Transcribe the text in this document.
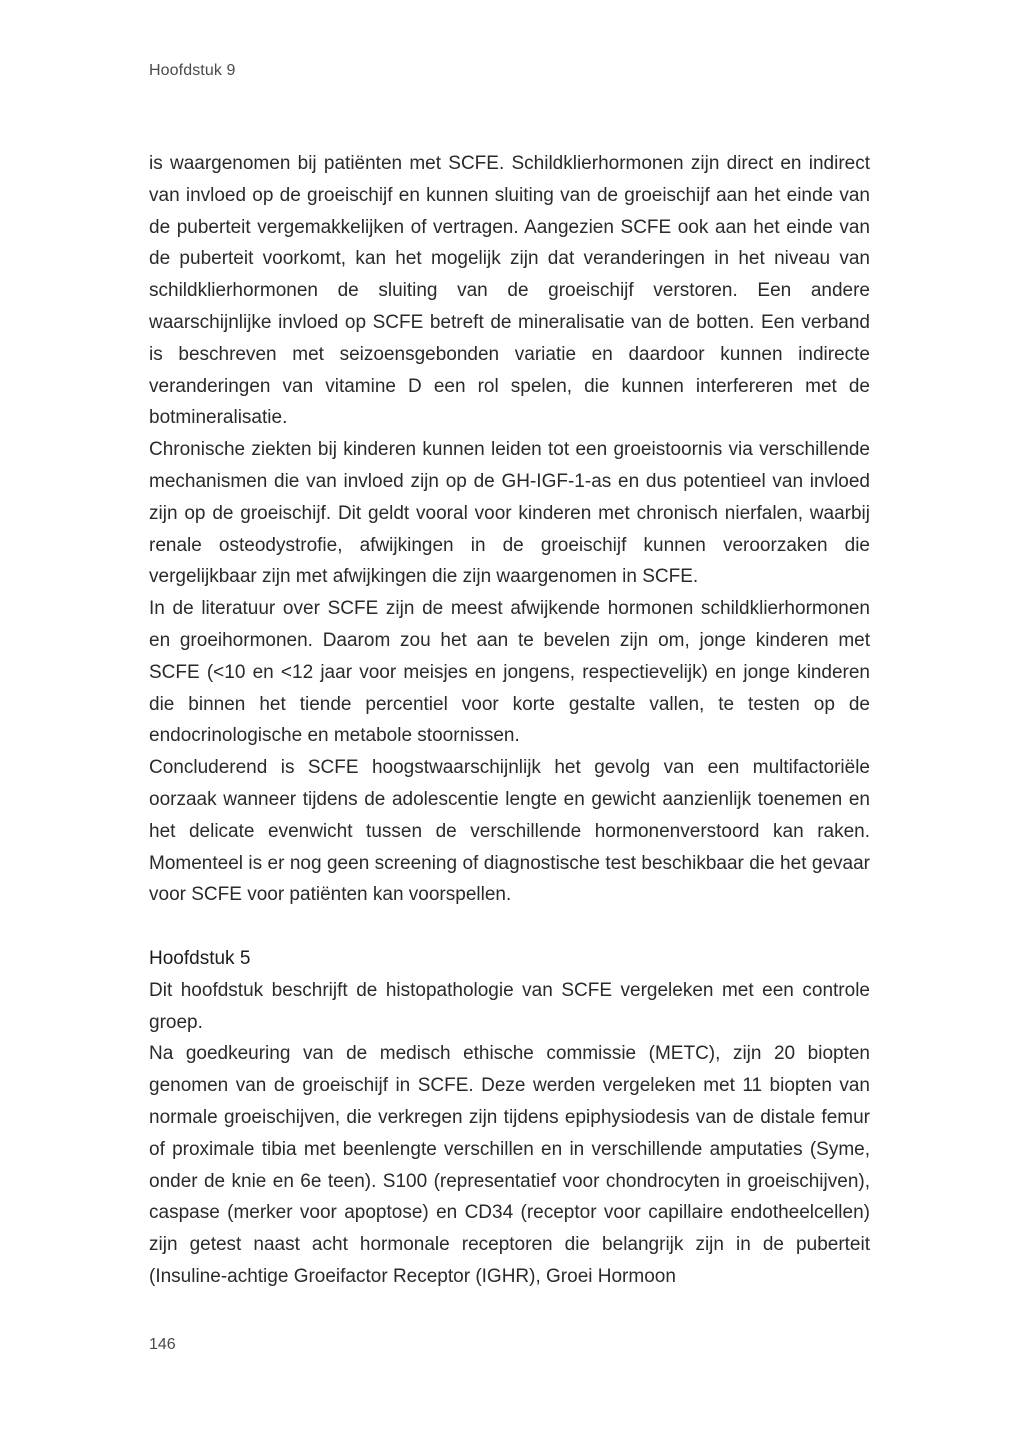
Hoofdstuk 9

is waargenomen bij patiënten met SCFE. Schildklierhormonen zijn direct en indirect van invloed op de groeischijf en kunnen sluiting van de groeischijf aan het einde van de puberteit vergemakkelijken of vertragen. Aangezien SCFE ook aan het einde van de puberteit voorkomt, kan het mogelijk zijn dat veranderingen in het niveau van schildklierhormonen de sluiting van de groeischijf verstoren. Een andere waarschijnlijke invloed op SCFE betreft de mineralisatie van de botten. Een verband is beschreven met seizoensgebonden variatie en daardoor kunnen indirecte veranderingen van vitamine D een rol spelen, die kunnen interfereren met de botmineralisatie.

Chronische ziekten bij kinderen kunnen leiden tot een groeistoornis via verschillende mechanismen die van invloed zijn op de GH-IGF-1-as en dus potentieel van invloed zijn op de groeischijf. Dit geldt vooral voor kinderen met chronisch nierfalen, waarbij renale osteodystrofie, afwijkingen in de groeischijf kunnen veroorzaken die vergelijkbaar zijn met afwijkingen die zijn waargenomen in SCFE.

In de literatuur over SCFE zijn de meest afwijkende hormonen schildklierhormonen en groeihormonen. Daarom zou het aan te bevelen zijn om, jonge kinderen met SCFE (<10 en <12 jaar voor meisjes en jongens, respectievelijk) en jonge kinderen die binnen het tiende percentiel voor korte gestalte vallen, te testen op de endocrinologische en metabole stoornissen.

Concluderend is SCFE hoogstwaarschijnlijk het gevolg van een multifactoriële oorzaak wanneer tijdens de adolescentie lengte en gewicht aanzienlijk toenemen en het delicate evenwicht tussen de verschillende hormonenverstoord kan raken. Momenteel is er nog geen screening of diagnostische test beschikbaar die het gevaar voor SCFE voor patiënten kan voorspellen.

Hoofdstuk 5

Dit hoofdstuk beschrijft de histopathologie van SCFE vergeleken met een controle groep.

Na goedkeuring van de medisch ethische commissie (METC), zijn 20 biopten genomen van de groeischijf in SCFE. Deze werden vergeleken met 11 biopten van normale groeischijven, die verkregen zijn tijdens epiphysiodesis van de distale femur of proximale tibia met beenlengte verschillen en in verschillende amputaties (Syme, onder de knie en 6e teen). S100 (representatief voor chondrocyten in groeischijven), caspase (merker voor apoptose) en CD34 (receptor voor capillaire endotheelcellen) zijn getest naast acht hormonale receptoren die belangrijk zijn in de puberteit (Insuline-achtige Groeifactor Receptor (IGHR), Groei Hormoon

146
